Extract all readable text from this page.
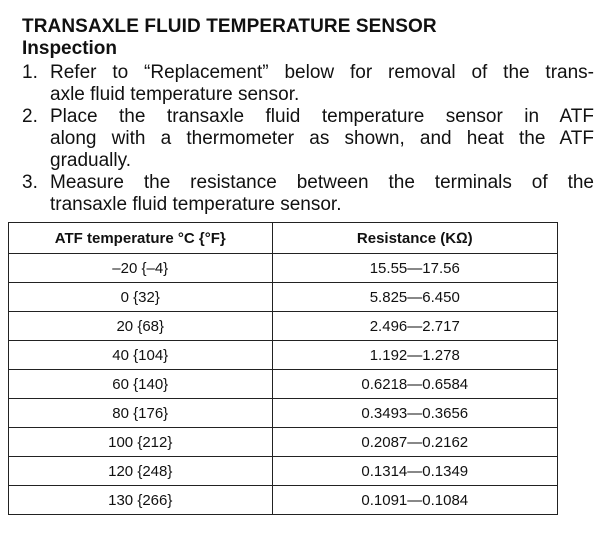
TRANSAXLE FLUID TEMPERATURE SENSOR
Inspection
1. Refer to “Replacement” below for removal of the trans-
axle fluid temperature sensor.
2. Place the transaxle fluid temperature sensor in ATF
along with a thermometer as shown, and heat the ATF
gradually.
3. Measure the resistance between the terminals of the
transaxle fluid temperature sensor.
ATF temperature °C {°F}	Resistance (KΩ)
–20 {–4}	15.55—17.56
0 {32}	5.825—6.450
20 {68}	2.496—2.717
40 {104}	1.192—1.278
60 {140}	0.6218—0.6584
80 {176}	0.3493—0.3656
100 {212}	0.2087—0.2162
120 {248}	0.1314—0.1349
130 {266}	0.1091—0.1084
